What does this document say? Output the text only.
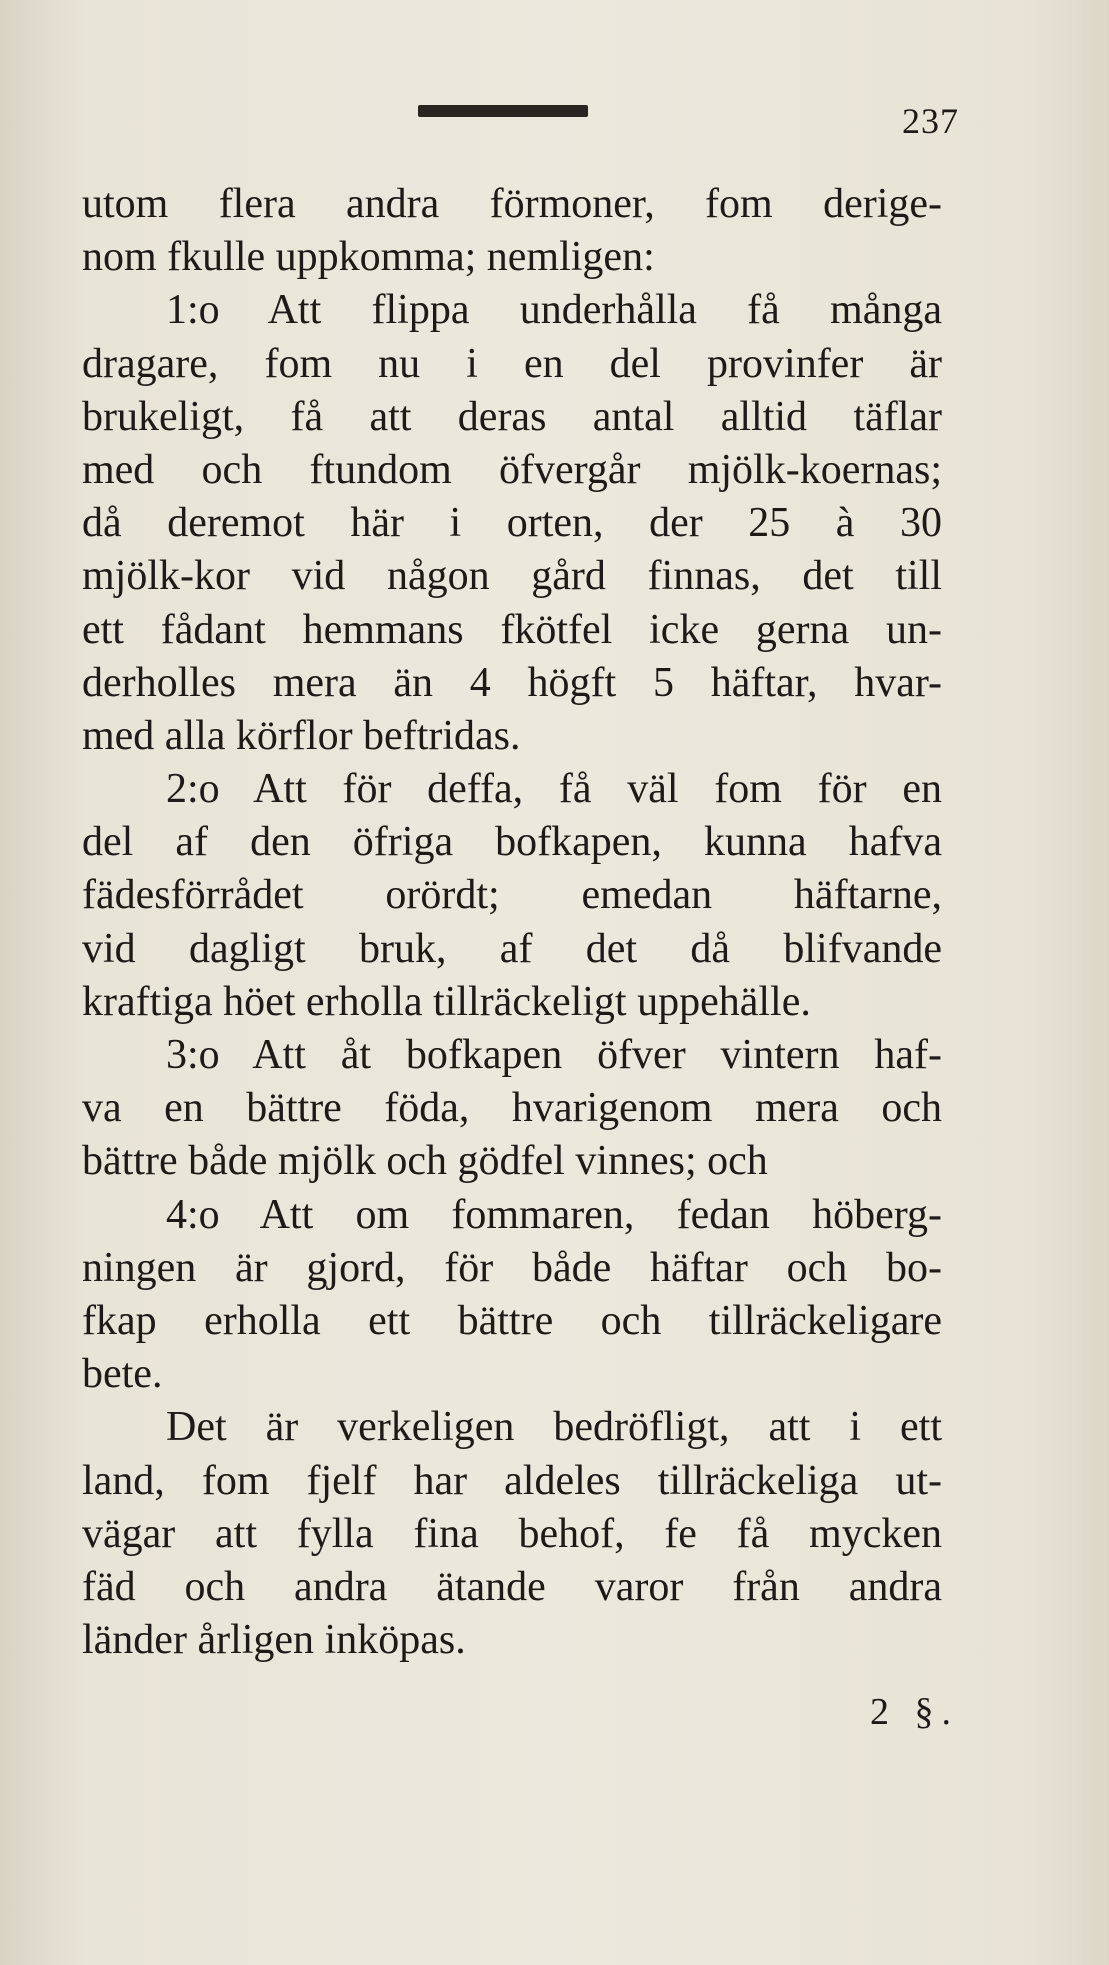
237
utom flera andra förmoner, fom derige-
nom fkulle uppkomma; nemligen:
1:o Att flippa underhålla få många
dragare, fom nu i en del provinfer är
brukeligt, få att deras antal alltid täflar
med och ftundom öfvergår mjölk-koernas;
då deremot här i orten, der 25 à 30
mjölk-kor vid någon gård finnas, det till
ett fådant hemmans fkötfel icke gerna un-
derholles mera än 4 högft 5 häftar, hvar-
med alla körflor beftridas.
2:o Att för deffa, få väl fom för en
del af den öfriga bofkapen, kunna hafva
fädesförrådet orördt; emedan häftarne,
vid dagligt bruk, af det då blifvande
kraftiga höet erholla tillräckeligt uppehälle.
3:o Att åt bofkapen öfver vintern haf-
va en bättre föda, hvarigenom mera och
bättre både mjölk och gödfel vinnes; och
4:o Att om fommaren, fedan höberg-
ningen är gjord, för både häftar och bo-
fkap erholla ett bättre och tillräckeligare
bete.
Det är verkeligen bedröfligt, att i ett
land, fom fjelf har aldeles tillräckeliga ut-
vägar att fylla fina behof, fe få mycken
fäd och andra ätande varor från andra
länder årligen inköpas.
2 §.
